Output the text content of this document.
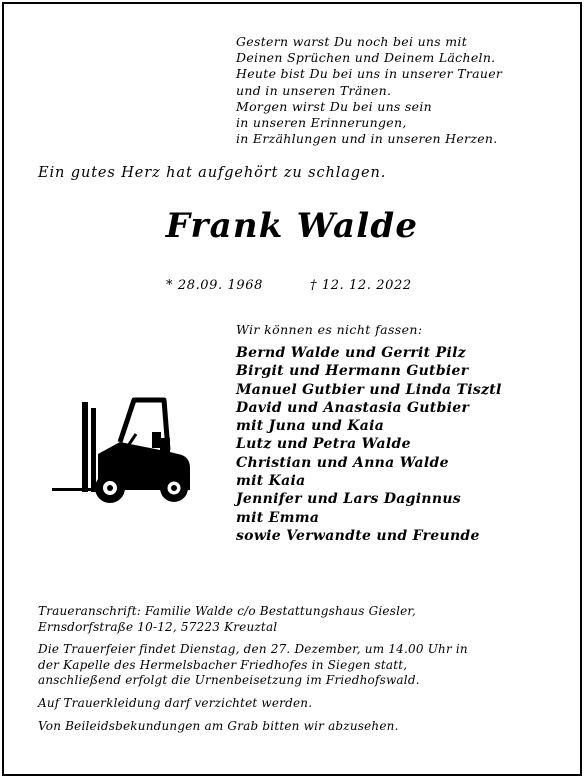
Gestern warst Du noch bei uns mit
Deinen Sprüchen und Deinem Lächeln.
Heute bist Du bei uns in unserer Trauer
und in unseren Tränen.
Morgen wirst Du bei uns sein
in unseren Erinnerungen,
in Erzählungen und in unseren Herzen.
Ein gutes Herz hat aufgehört zu schlagen.
Frank Walde
* 28.09. 1968	† 12. 12. 2022
Wir können es nicht fassen:
Bernd Walde und Gerrit Pilz
Birgit und Hermann Gutbier
Manuel Gutbier und Linda Tisztl
David und Anastasia Gutbier
mit Juna und Kaia
Lutz und Petra Walde
Christian und Anna Walde
mit Kaia
Jennifer und Lars Daginnus
mit Emma
sowie Verwandte und Freunde

Traueranschrift: Familie Walde c/o Bestattungshaus Giesler,
Ernsdorfstraße 10-12, 57223 Kreuztal

Die Trauerfeier findet Dienstag, den 27. Dezember, um 14.00 Uhr in
der Kapelle des Hermelsbacher Friedhofes in Siegen statt,
anschließend erfolgt die Urnenbeisetzung im Friedhofswald.

Auf Trauerkleidung darf verzichtet werden.

Von Beileidsbekundungen am Grab bitten wir abzusehen.
